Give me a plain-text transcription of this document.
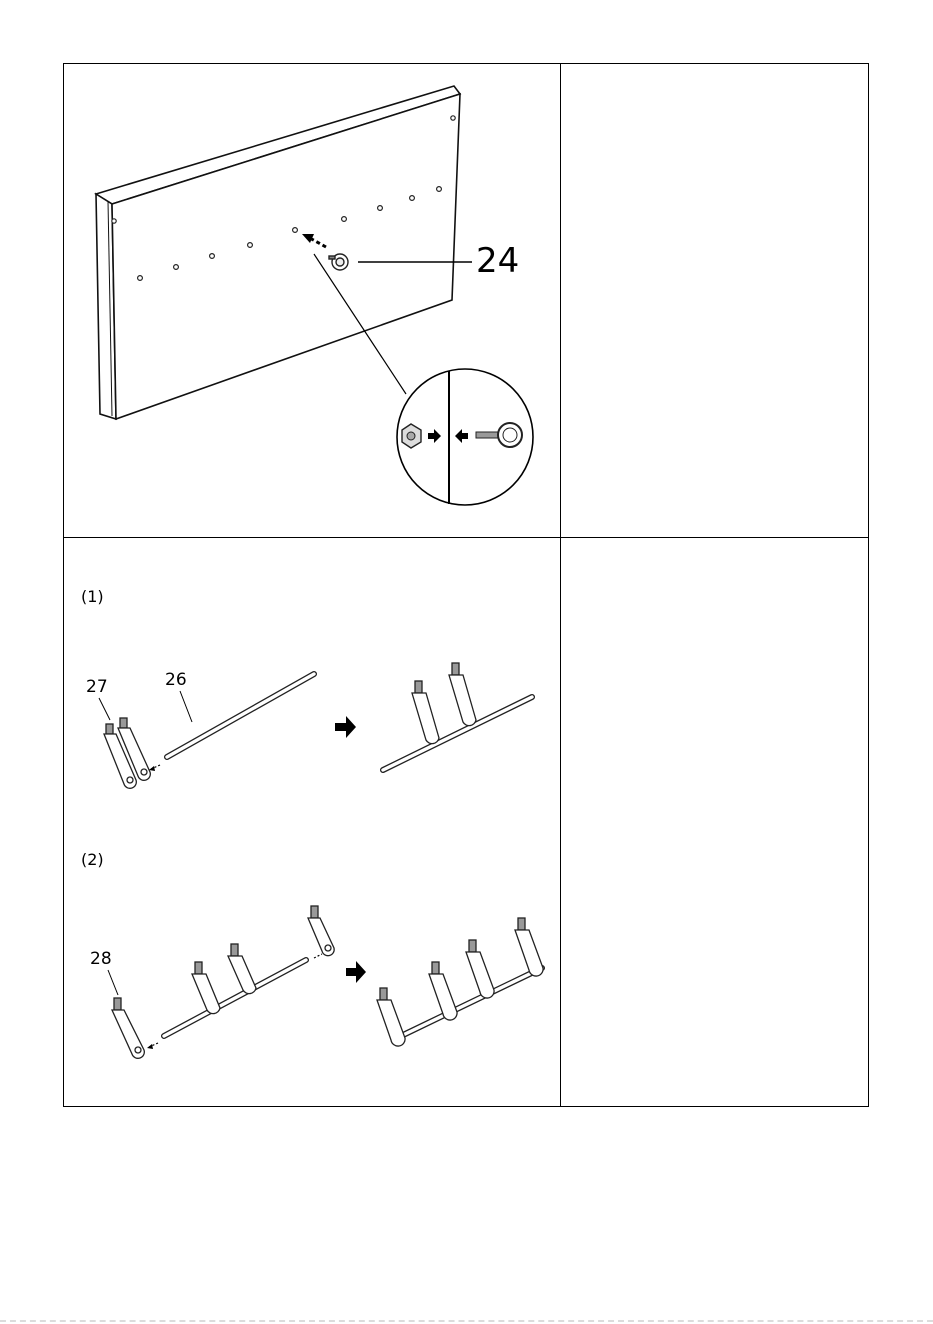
24
(1)
27	26
(2)
28
